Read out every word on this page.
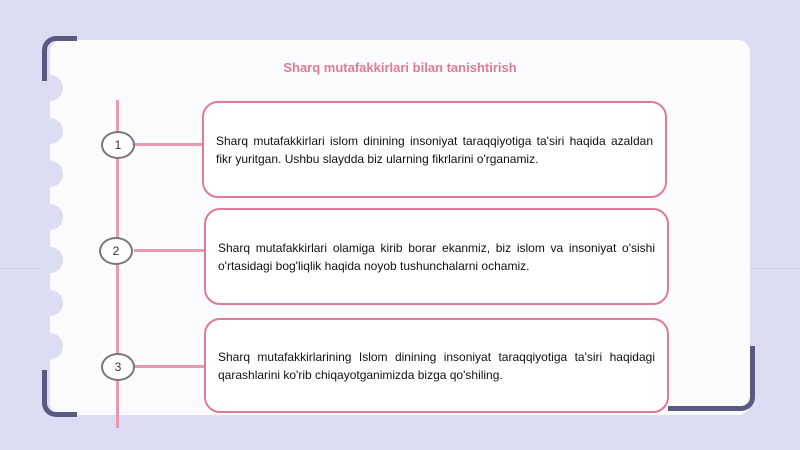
Sharq mutafakkirlari bilan tanishtirish
1	Sharq mutafakkirlari islom dinining insoniyat taraqqiyotiga ta'siri haqida azaldan fikr yuritgan. Ushbu slaydda biz ularning fikrlarini o'rganamiz.
2	Sharq mutafakkirlari olamiga kirib borar ekanmiz, biz islom va insoniyat o'sishi o'rtasidagi bog'liqlik haqida noyob tushunchalarni ochamiz.
3
Sharq mutafakkirlarining Islom dinining insoniyat taraqqiyotiga ta'siri haqidagi qarashlarini ko'rib chiqayotganimizda bizga qo'shiling.
